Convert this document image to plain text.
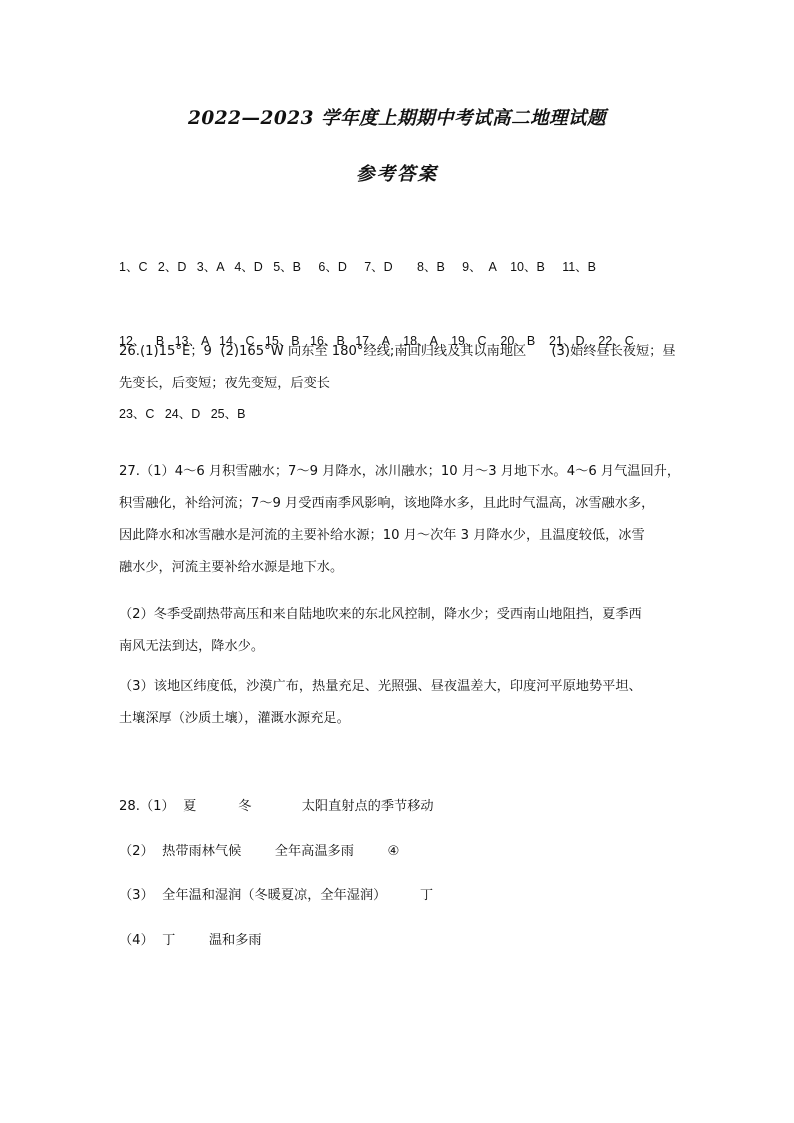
2022—2023 学年度上期期中考试高二地理试题
参考答案

1、C   2、D   3、A   4、D   5、B     6、D     7、D       8、B     9、  A    10、B     11、B

12、   B   13、A   14、C   15、B   16、B   17、A    18、A    19、C    20、B    21、D    22、C

23、C   24、D   25、B

26.(1)15°E；9  (2)165°W 向东至 180°经线;南回归线及其以南地区      (3)始终昼长夜短；昼
先变长，后变短；夜先变短，后变长
27.（1）4～6 月积雪融水；7～9 月降水，冰川融水；10 月～3 月地下水。4～6 月气温回升，
积雪融化，补给河流；7～9 月受西南季风影响，该地降水多，且此时气温高，冰雪融水多，
因此降水和冰雪融水是河流的主要补给水源；10 月～次年 3 月降水少，且温度较低，冰雪
融水少，河流主要补给水源是地下水。
（2）冬季受副热带高压和来自陆地吹来的东北风控制，降水少；受西南山地阻挡，夏季西
南风无法到达，降水少。
（3）该地区纬度低，沙漠广布，热量充足、光照强、昼夜温差大，印度河平原地势平坦、
土壤深厚（沙质土壤），灌溉水源充足。
28.（1）  夏          冬            太阳直射点的季节移动
（2）  热带雨林气候        全年高温多雨        ④
（3）  全年温和湿润（冬暖夏凉，全年湿润）        丁
（4）  丁        温和多雨
